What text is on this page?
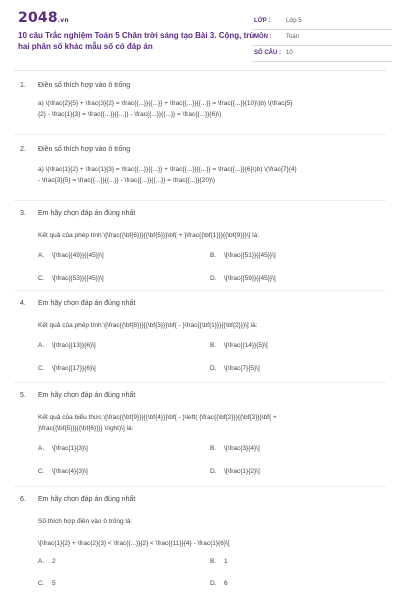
2048.vn
10 câu Trắc nghiệm Toán 5 Chân trời sáng tạo Bài 3. Cộng, trừ hai phân số khác mẫu số có đáp án
LỚP :	Lớp 5
MÔN : Toán
SỐ CÂU : 10
1. Điền số thích hợp vào ô trống
a) \(\frac{2}{5} + \frac{3}{2} = \frac{{...}}{{...}} + \frac{{...}}{{...}} = \frac{{...}}{10}\)b) \(\frac{5}
{2} - \frac{1}{3} = \frac{{...}}{{...}} - \frac{{...}}{{...}} = \frac{{...}}{6}\)
2. Điền số thích hợp vào ô trống
a) \(\frac{1}{2} + \frac{1}{3} = \frac{{...}}{{...}} + \frac{{...}}{{...}} = \frac{{...}}{6}\)b) \(\frac{7}{4}
- \frac{3}{5} = \frac{{...}}{{...}} - \frac{{...}}{{...}} = \frac{{...}}{20}\)
3. Em hãy chọn đáp án đúng nhất
Kết quả của phép tính \[\frac{{\bf{6}}}{{\bf{5}}}\bf{ + }\frac{{\bf{1}}}{{\bf{9}}}\] là:
A. \[\frac{{49}}{{45}}\]	B. \[\frac{{51}}{{45}}\]
C. \[\frac{{53}}{{45}}\]	D. \[\frac{{59}}{{45}}\]
4. Em hãy chọn đáp án đúng nhất
Kết quả của phép tính \[\frac{{\bf{8}}}{{\bf{3}}}\bf{ - }\frac{{\bf{1}}}{{\bf{2}}}\] là:
A. \[\frac{{13}}{6}\]	B. \[\frac{{14}}{5}\]
C. \[\frac{{17}}{6}\]	D. \[\frac{7}{5}\]
5. Em hãy chọn đáp án đúng nhất
Kết quả của biểu thức \[\frac{{\bf{9}}}{{\bf{4}}}\bf{ - }\left( {\frac{{\bf{2}}}{{\bf{3}}}\bf{ +
}\frac{{\bf{5}}}{{\bf{6}}}} \right)\] là:
A. \[\frac{1}{3}\]	B. \[\frac{3}{4}\]
C. \[\frac{4}{3}\]	D. \[\frac{1}{2}\]
6. Em hãy chọn đáp án đúng nhất
Số thích hợp điền vào ô trống là:
\[\frac{1}{2} + \frac{2}{3} < \frac{{...}}{2} < \frac{{11}}{4} - \frac{1}{6}\]
A. 2	B. 1
C. 5	D. 6
